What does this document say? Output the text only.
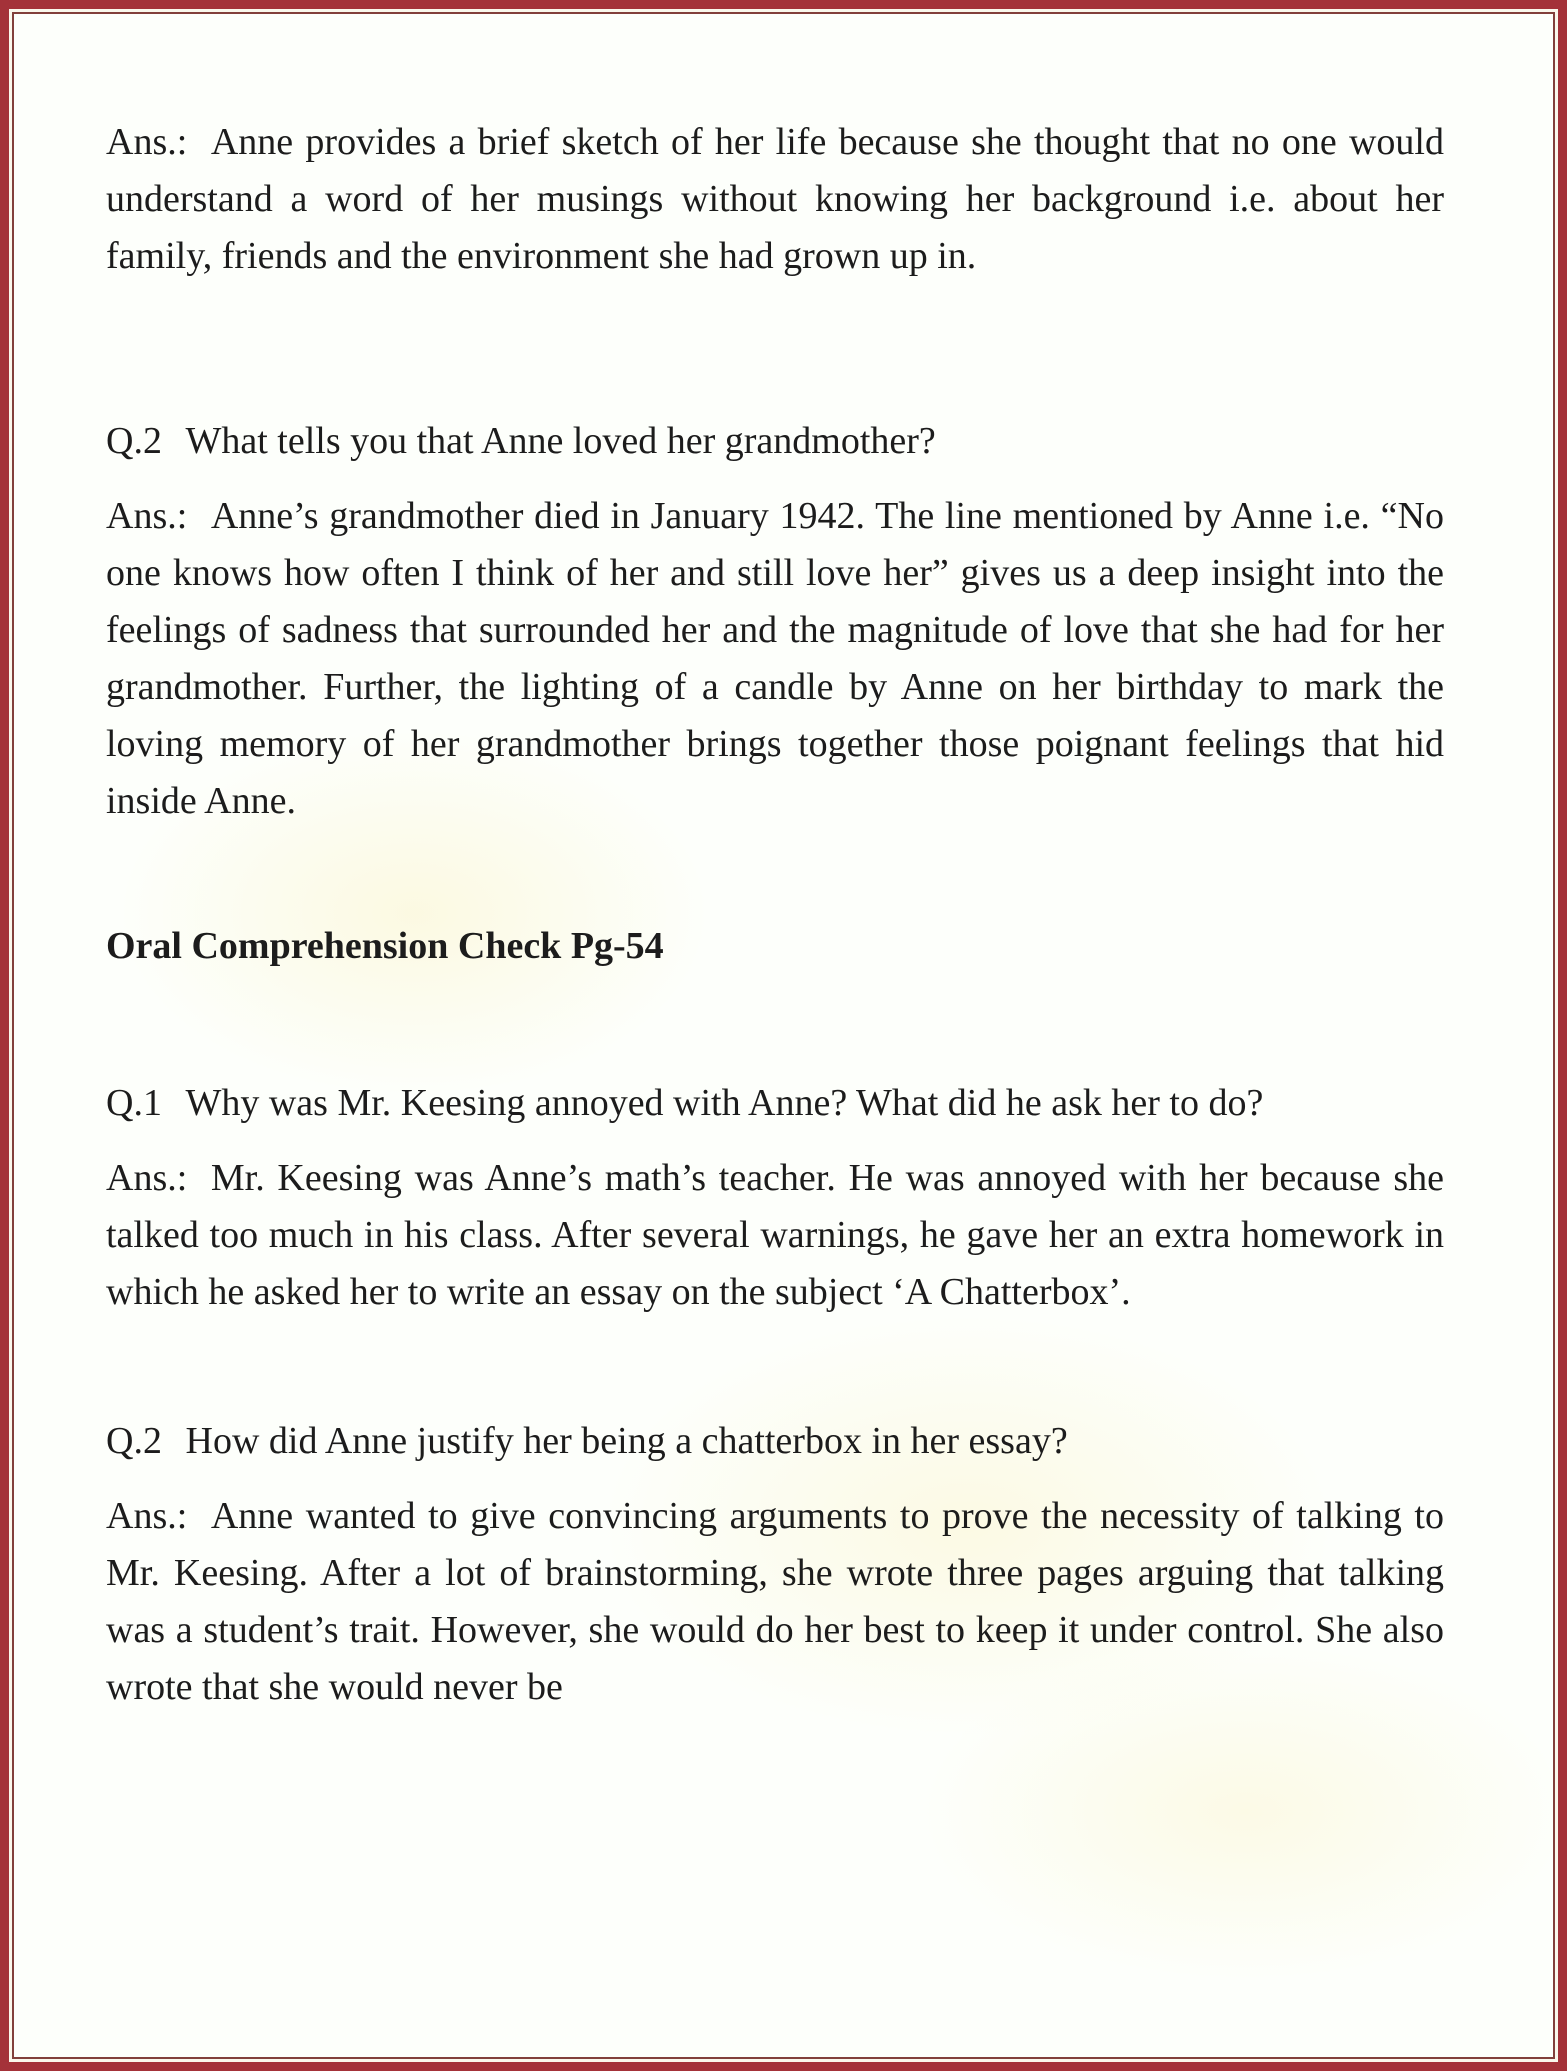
Ans.: Anne provides a brief sketch of her life because she thought that no one would understand a word of her musings without knowing her background i.e. about her family, friends and the environment she had grown up in.

Q.2 What tells you that Anne loved her grandmother?

Ans.: Anne’s grandmother died in January 1942. The line mentioned by Anne i.e. “No one knows how often I think of her and still love her” gives us a deep insight into the feelings of sadness that surrounded her and the magnitude of love that she had for her grandmother. Further, the lighting of a candle by Anne on her birthday to mark the loving memory of her grandmother brings together those poignant feelings that hid inside Anne.

Oral Comprehension Check Pg-54

Q.1 Why was Mr. Keesing annoyed with Anne? What did he ask her to do?

Ans.: Mr. Keesing was Anne’s math’s teacher. He was annoyed with her because she talked too much in his class. After several warnings, he gave her an extra homework in which he asked her to write an essay on the subject ‘A Chatterbox’.

Q.2 How did Anne justify her being a chatterbox in her essay?

Ans.: Anne wanted to give convincing arguments to prove the necessity of talking to Mr. Keesing. After a lot of brainstorming, she wrote three pages arguing that talking was a student’s trait. However, she would do her best to keep it under control. She also wrote that she would never be
